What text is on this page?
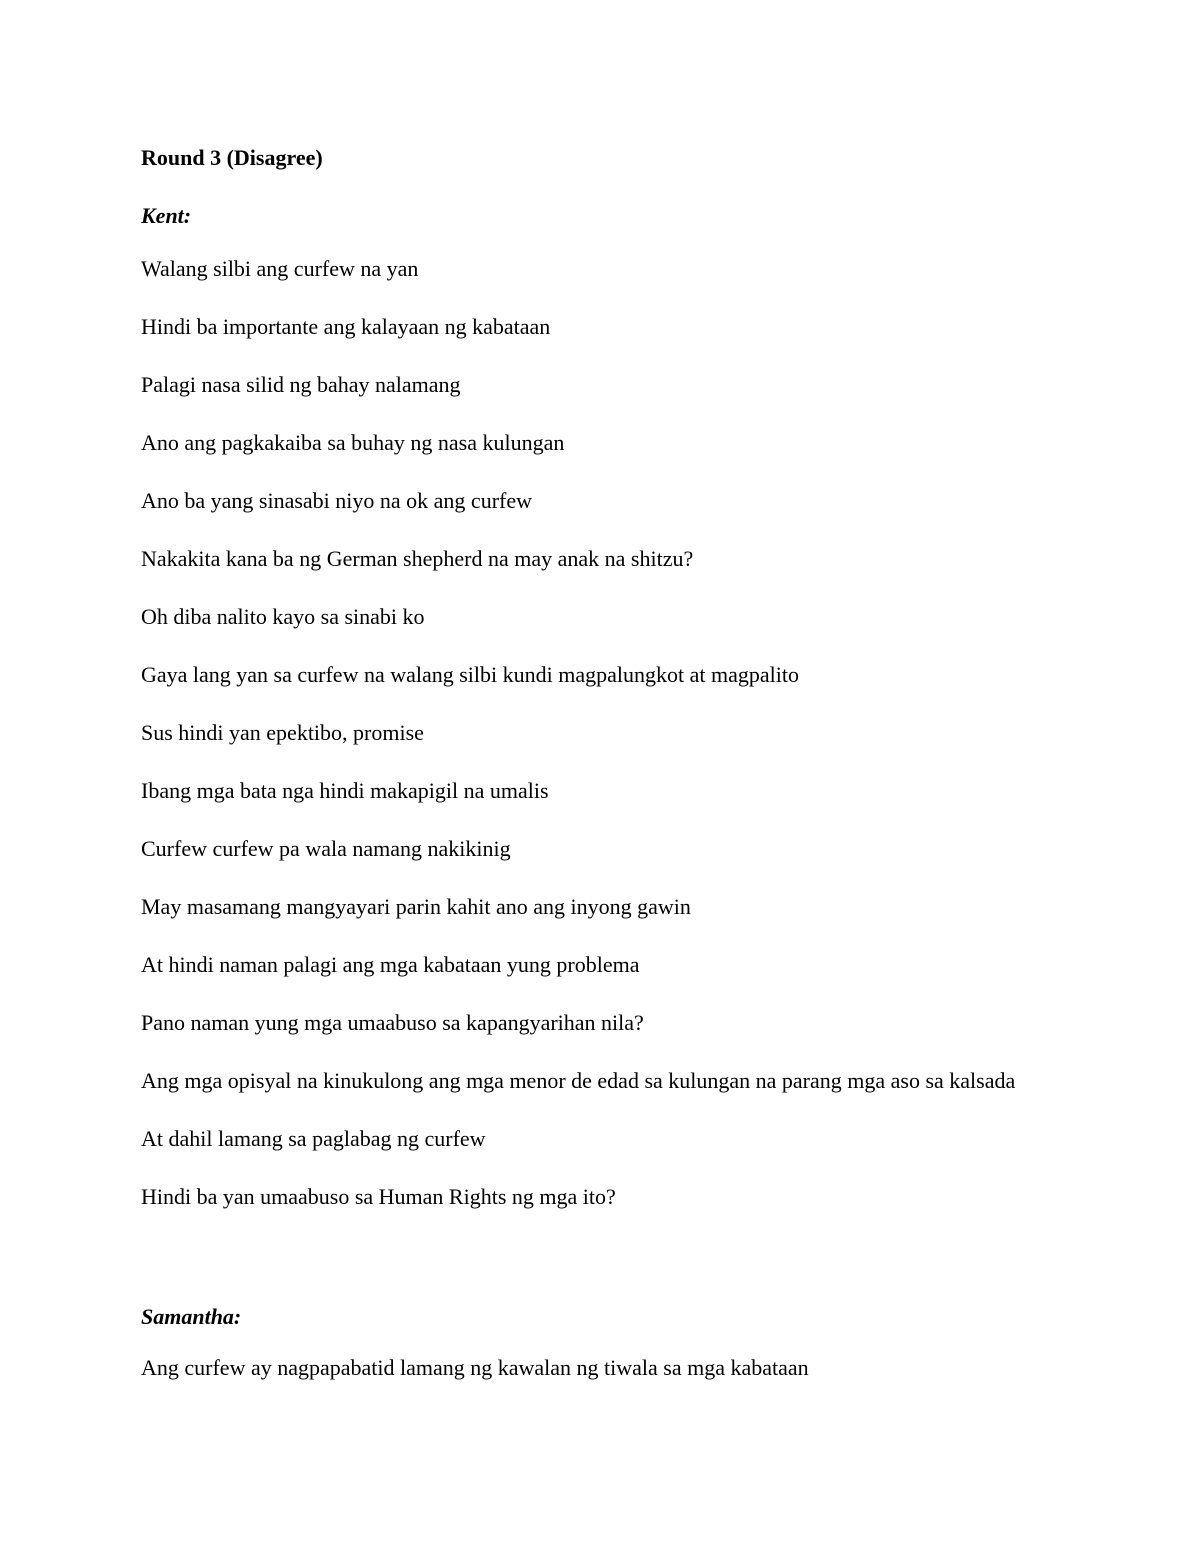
Round 3 (Disagree)
Kent:
Walang silbi ang curfew na yan
Hindi ba importante ang kalayaan ng kabataan
Palagi nasa silid ng bahay nalamang
Ano ang pagkakaiba sa buhay ng nasa kulungan
Ano ba yang sinasabi niyo na ok ang curfew
Nakakita kana ba ng German shepherd na may anak na shitzu?
Oh diba nalito kayo sa sinabi ko
Gaya lang yan sa curfew na walang silbi kundi magpalungkot at magpalito
Sus hindi yan epektibo, promise
Ibang mga bata nga hindi makapigil na umalis
Curfew curfew pa wala namang nakikinig
May masamang mangyayari parin kahit ano ang inyong gawin
At hindi naman palagi ang mga kabataan yung problema
Pano naman yung mga umaabuso sa kapangyarihan nila?
Ang mga opisyal na kinukulong ang mga menor de edad sa kulungan na parang mga aso sa kalsada
At dahil lamang sa paglabag ng curfew
Hindi ba yan umaabuso sa Human Rights ng mga ito?
Samantha:
Ang curfew ay nagpapabatid lamang ng kawalan ng tiwala sa mga kabataan
